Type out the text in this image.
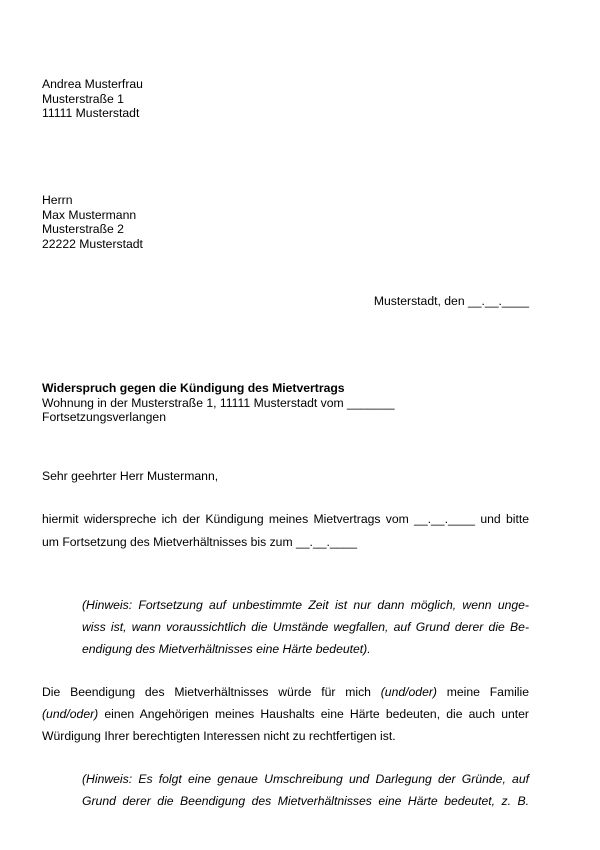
Andrea Musterfrau
Musterstraße 1
11111 Musterstadt
Herrn
Max Mustermann
Musterstraße 2
22222 Musterstadt
Musterstadt, den __.__.____
Widerspruch gegen die Kündigung des Mietvertrags
Wohnung in der Musterstraße 1, 11111 Musterstadt vom _______
Fortsetzungsverlangen
Sehr geehrter Herr Mustermann,
hiermit widerspreche ich der Kündigung meines Mietvertrags vom __.__.____ und bitte
um Fortsetzung des Mietverhältnisses bis zum __.__.____
(Hinweis: Fortsetzung auf unbestimmte Zeit ist nur dann möglich, wenn unge-
wiss ist, wann voraussichtlich die Umstände wegfallen, auf Grund derer die Be-
endigung des Mietverhältnisses eine Härte bedeutet).
Die Beendigung des Mietverhältnisses würde für mich (und/oder) meine Familie
(und/oder) einen Angehörigen meines Haushalts eine Härte bedeuten, die auch unter
Würdigung Ihrer berechtigten Interessen nicht zu rechtfertigen ist.
(Hinweis: Es folgt eine genaue Umschreibung und Darlegung der Gründe, auf
Grund derer die Beendigung des Mietverhältnisses eine Härte bedeutet, z. B.
